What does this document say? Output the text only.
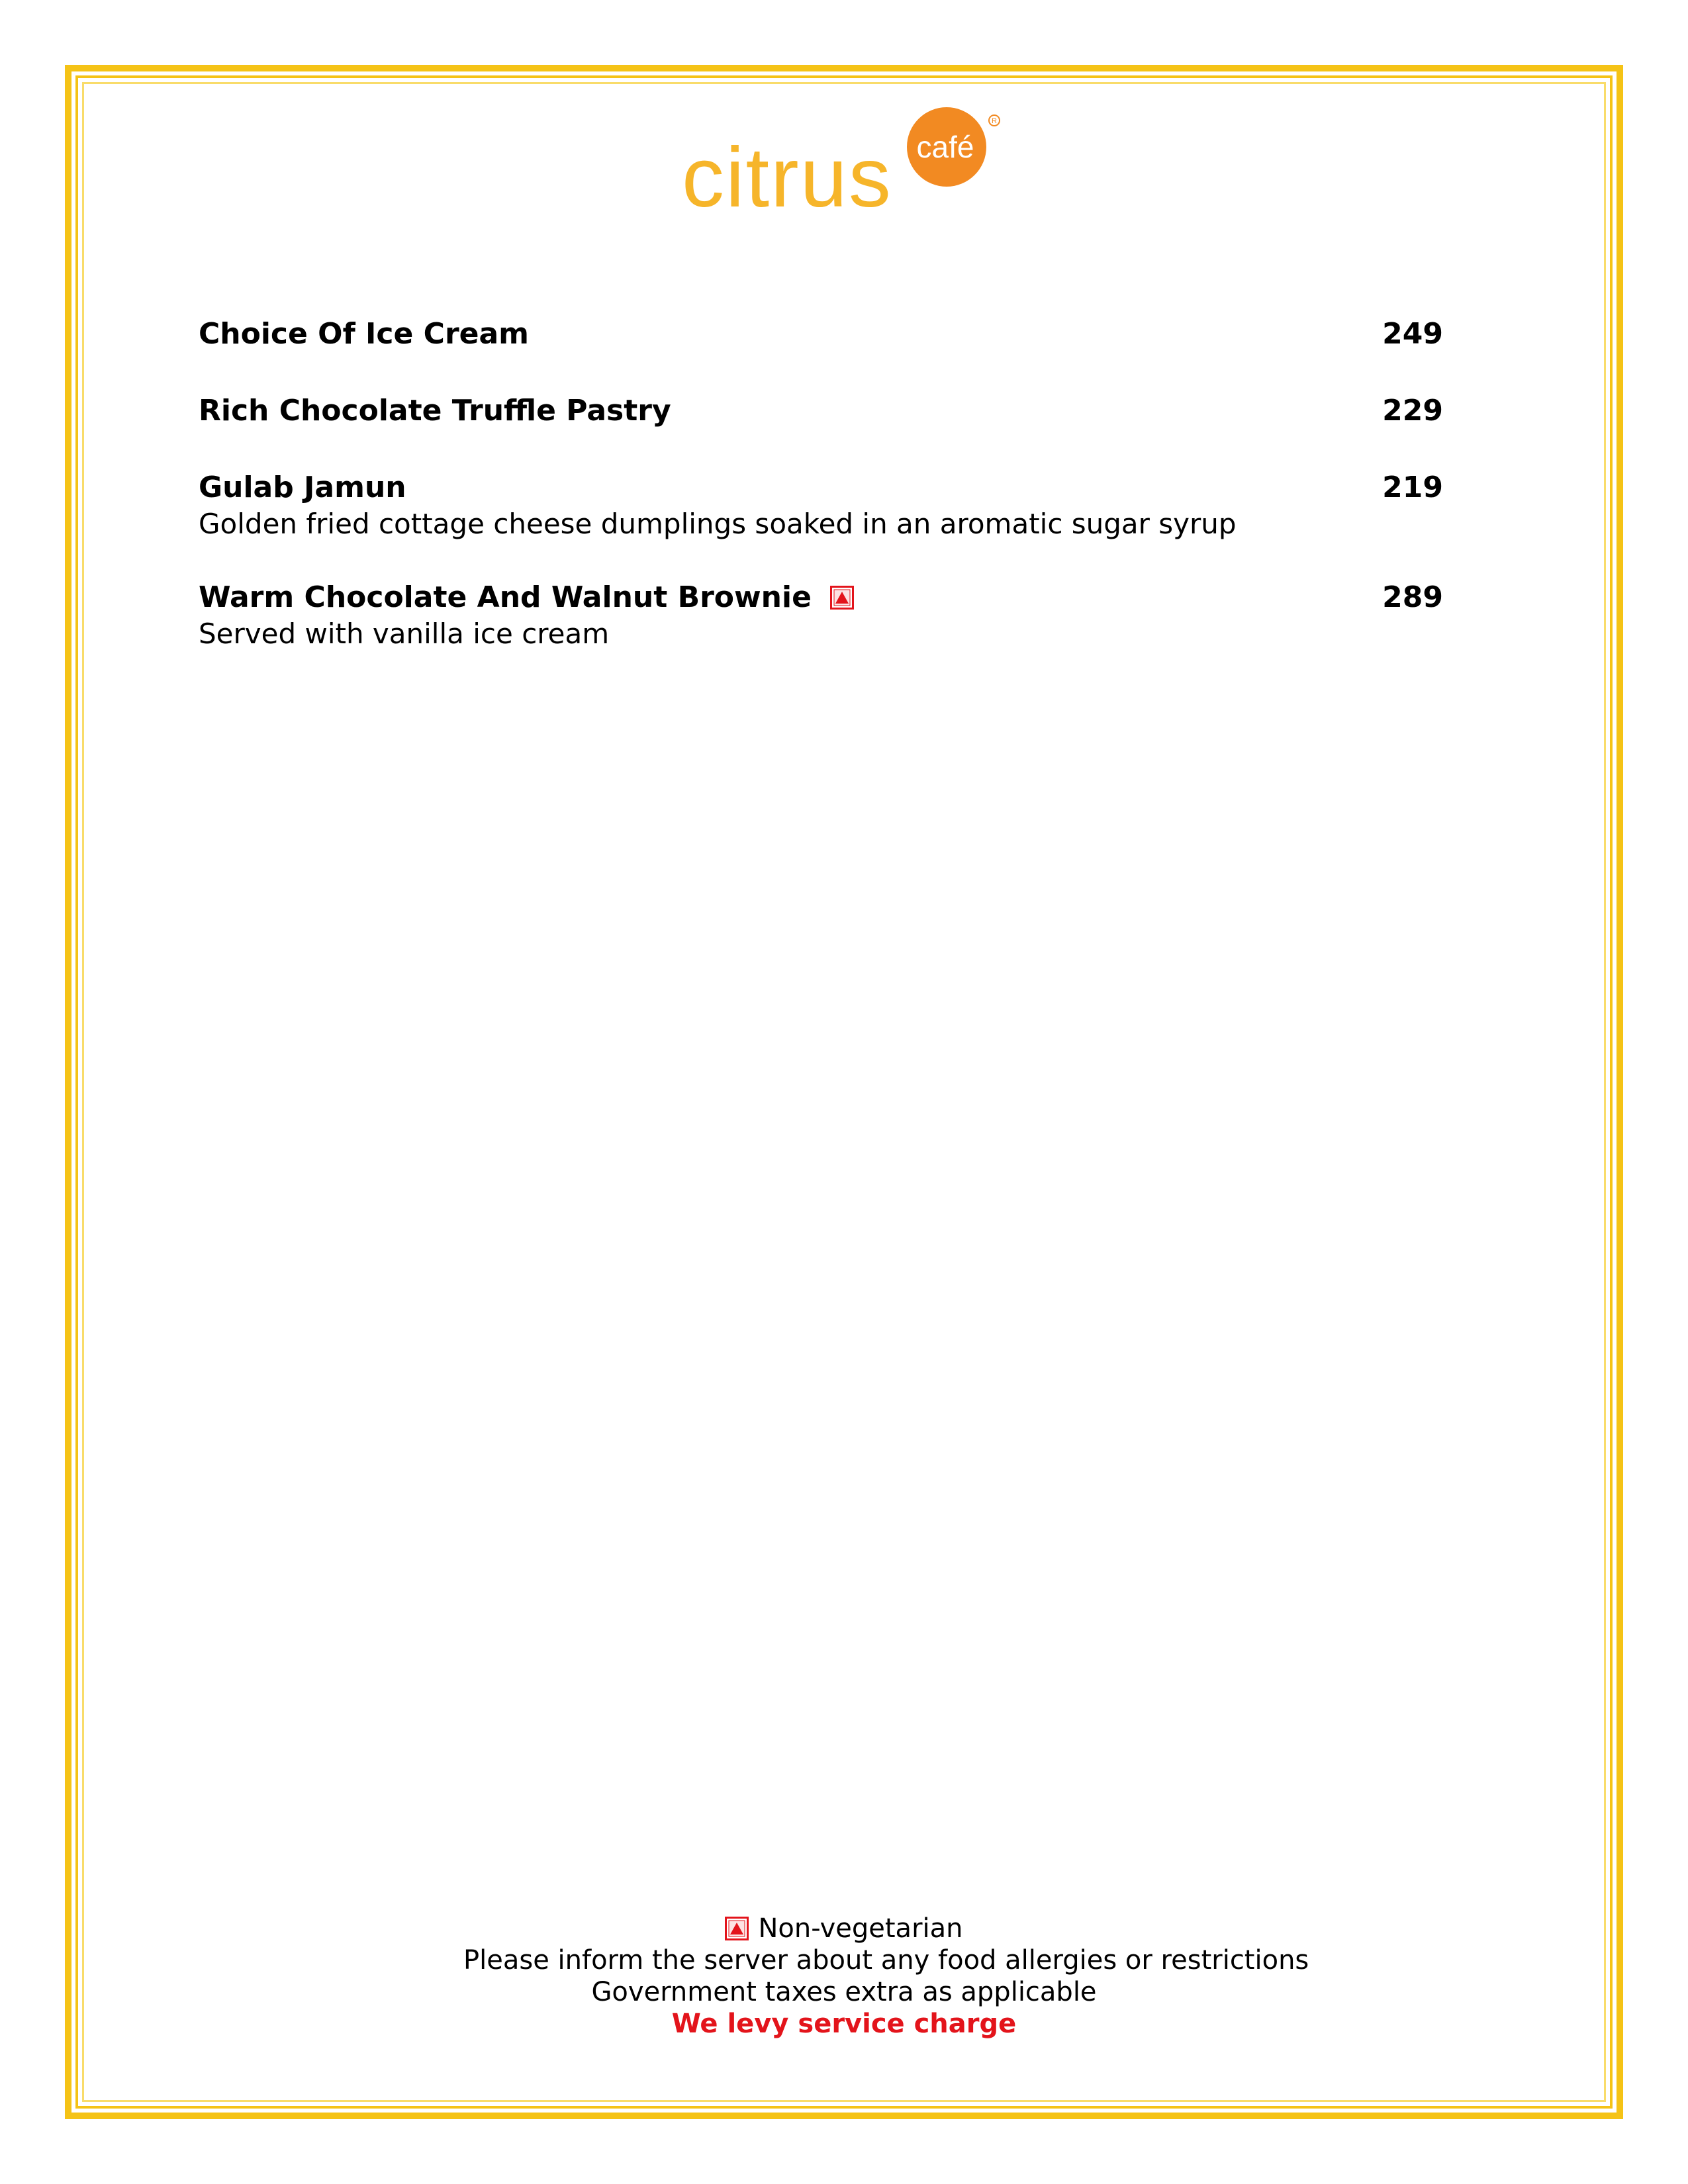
R
café
citrus
Choice Of Ice Cream	249
Rich Chocolate Truffle Pastry	229
Gulab Jamun	219
Golden fried cottage cheese dumplings soaked in an aromatic sugar syrup
Warm Chocolate And Walnut Brownie	289
Served with vanilla ice cream
Non-vegetarian
Please inform the server about any food allergies or restrictions
Government taxes extra as applicable
We levy service charge
